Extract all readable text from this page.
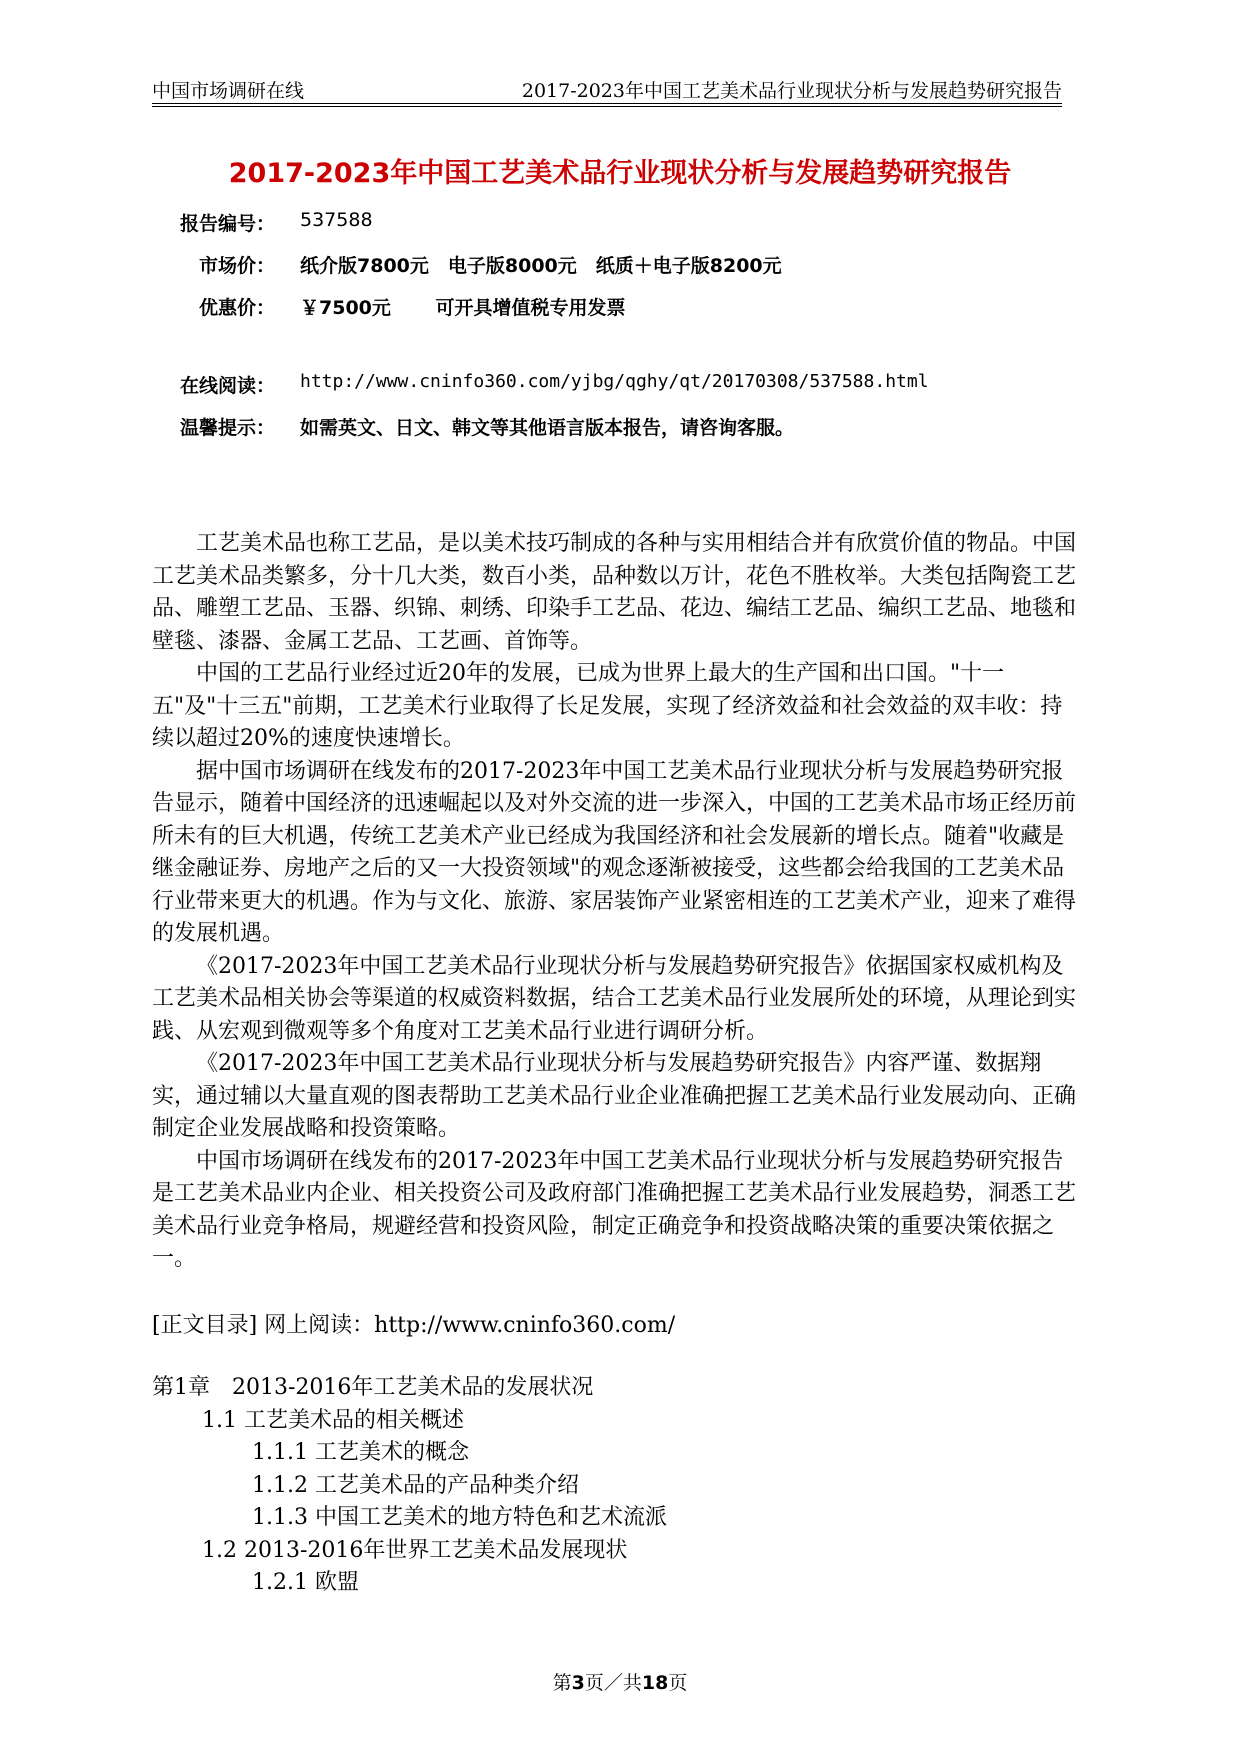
中国市场调研在线	2017-2023年中国工艺美术品行业现状分析与发展趋势研究报告
2017-2023年中国工艺美术品行业现状分析与发展趋势研究报告
报告编号： 537588
市场价： 纸介版7800元　电子版8000元　纸质＋电子版8200元
优惠价： ￥7500元　　 可开具增值税专用发票
在线阅读： http://www.cninfo360.com/yjbg/qghy/qt/20170308/537588.html
温馨提示： 如需英文、日文、韩文等其他语言版本报告，请咨询客服。

工艺美术品也称工艺品，是以美术技巧制成的各种与实用相结合并有欣赏价值的物品。中国工艺美术品类繁多，分十几大类，数百小类，品种数以万计，花色不胜枚举。大类包括陶瓷工艺品、雕塑工艺品、玉器、织锦、刺绣、印染手工艺品、花边、编结工艺品、编织工艺品、地毯和壁毯、漆器、金属工艺品、工艺画、首饰等。

中国的工艺品行业经过近20年的发展，已成为世界上最大的生产国和出口国。"十一五"及"十三五"前期，工艺美术行业取得了长足发展，实现了经济效益和社会效益的双丰收：持续以超过20%的速度快速增长。

据中国市场调研在线发布的2017-2023年中国工艺美术品行业现状分析与发展趋势研究报告显示，随着中国经济的迅速崛起以及对外交流的进一步深入，中国的工艺美术品市场正经历前所未有的巨大机遇，传统工艺美术产业已经成为我国经济和社会发展新的增长点。随着"收藏是继金融证券、房地产之后的又一大投资领域"的观念逐渐被接受，这些都会给我国的工艺美术品行业带来更大的机遇。作为与文化、旅游、家居装饰产业紧密相连的工艺美术产业，迎来了难得的发展机遇。

《2017-2023年中国工艺美术品行业现状分析与发展趋势研究报告》依据国家权威机构及工艺美术品相关协会等渠道的权威资料数据，结合工艺美术品行业发展所处的环境，从理论到实践、从宏观到微观等多个角度对工艺美术品行业进行调研分析。

《2017-2023年中国工艺美术品行业现状分析与发展趋势研究报告》内容严谨、数据翔实，通过辅以大量直观的图表帮助工艺美术品行业企业准确把握工艺美术品行业发展动向、正确制定企业发展战略和投资策略。

中国市场调研在线发布的2017-2023年中国工艺美术品行业现状分析与发展趋势研究报告是工艺美术品业内企业、相关投资公司及政府部门准确把握工艺美术品行业发展趋势，洞悉工艺美术品行业竞争格局，规避经营和投资风险，制定正确竞争和投资战略决策的重要决策依据之一。

[正文目录] 网上阅读：http://www.cninfo360.com/
第1章　2013-2016年工艺美术品的发展状况
1.1 工艺美术品的相关概述
1.1.1 工艺美术的概念
1.1.2 工艺美术品的产品种类介绍
1.1.3 中国工艺美术的地方特色和艺术流派
1.2 2013-2016年世界工艺美术品发展现状
1.2.1 欧盟
第3页／共18页
